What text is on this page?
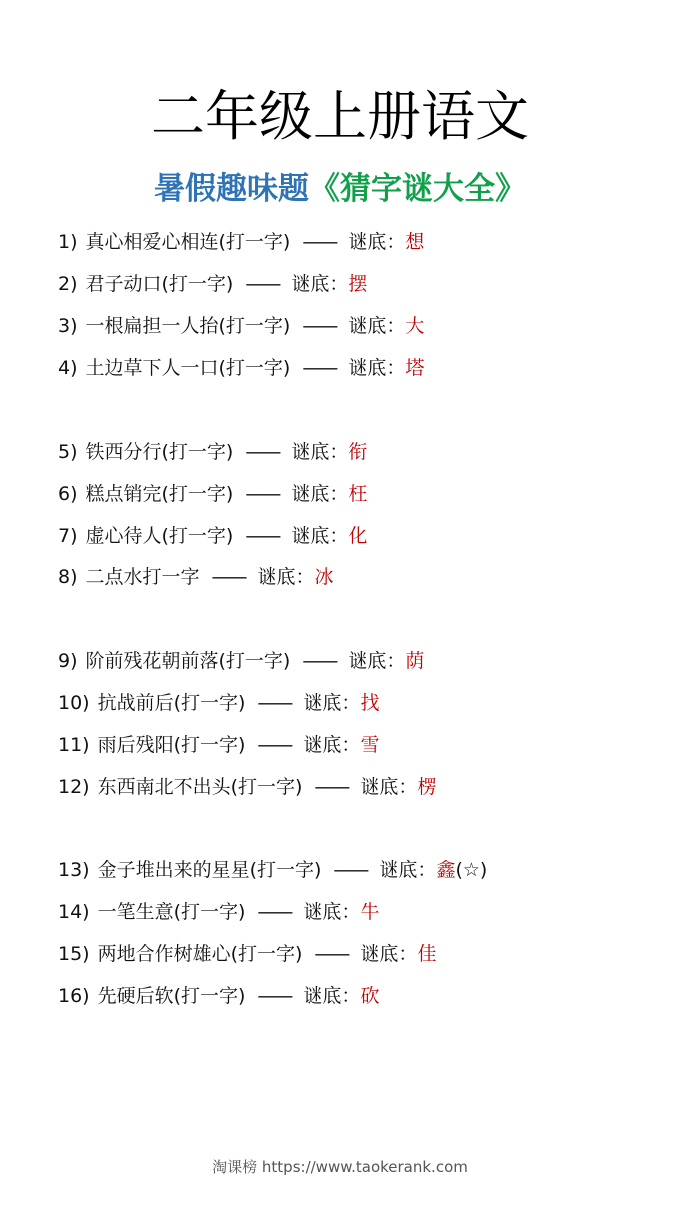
二年级上册语文
暑假趣味题《猜字谜大全》
1) 真心相爱心相连(打一字) —— 谜底：想
2) 君子动口(打一字) —— 谜底：摆
3) 一根扁担一人抬(打一字) —— 谜底：大
4) 土边草下人一口(打一字) —— 谜底：塔
5) 铁西分行(打一字) —— 谜底：衔
6) 糕点销完(打一字) —— 谜底：枉
7) 虚心待人(打一字) —— 谜底：化
8) 二点水打一字 —— 谜底：冰
9) 阶前残花朝前落(打一字) —— 谜底：荫
10) 抗战前后(打一字) —— 谜底：找
11) 雨后残阳(打一字) —— 谜底：雪
12) 东西南北不出头(打一字) —— 谜底：楞
13) 金子堆出来的星星(打一字) —— 谜底：鑫(☆)
14) 一笔生意(打一字) —— 谜底：牛
15) 两地合作树雄心(打一字) —— 谜底：佳
16) 先硬后软(打一字) —— 谜底：砍
淘课榜 https://www.taokerank.com
